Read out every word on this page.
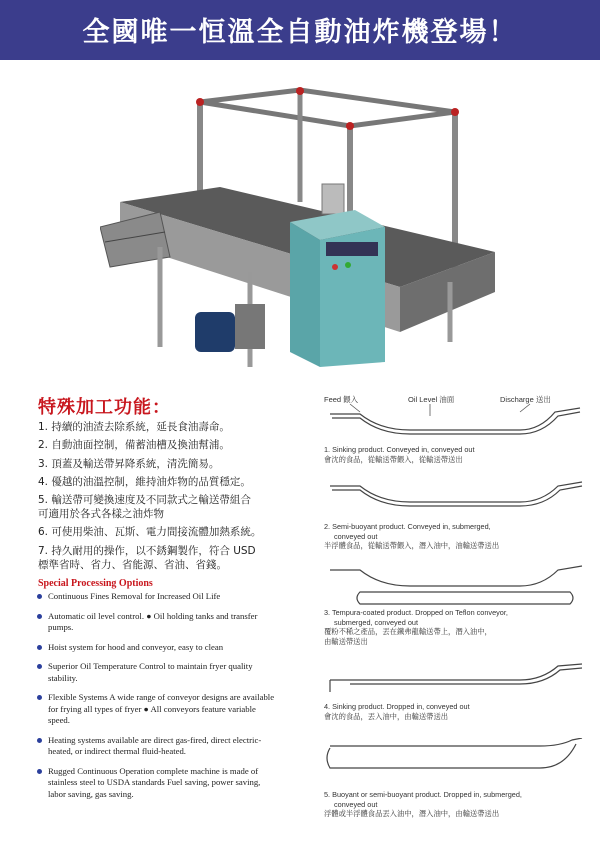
全國唯一恒溫全自動油炸機登場！
特殊加工功能：
1. 持續的油渣去除系統，延長食油壽命。
2. 自動油面控制，備蓄油槽及換油幫浦。
3. 頂蓋及輸送帶昇降系統，清洗簡易。
4. 優越的油溫控制，維持油炸物的品質穩定。
5. 輸送帶可變換速度及不同款式之輸送帶組合
可適用於各式各樣之油炸物
6. 可使用柴油、瓦斯、電力間接流體加熱系統。
7. 持久耐用的操作，以不銹鋼製作，符合 USD
標準省時、省力、省能源、省油、省錢。
Special Processing Options
Continuous Fines Removal for Increased Oil Life
Automatic oil level control. ● Oil holding tanks and transfer pumps.
Hoist system for hood and conveyor, easy to clean
Superior Oil Temperature Control to maintain fryer quality stability.
Flexible Systems A wide range of conveyor designs are available for frying all types of fryer ● All conveyors feature variable speed.
Heating systems available are direct gas-fired, direct electric-heated, or indirect thermal fluid-heated.
Rugged Continuous Operation complete machine is made of stainless steel to USDA standards Fuel saving, power saving, labor saving, gas saving.
Feed 餵入	Oil Level 油面	Discharge 送出
1. Sinking product. Conveyed in, conveyed out
會沈的食品，從輸送帶餵入，從輸送帶送出
2. Semi-buoyant product. Conveyed in, submerged,
conveyed out
半浮體食品，從輸送帶餵入，潛入油中，油輸送帶送出
3. Tempura-coated product. Dropped on Teflon conveyor,
submerged, conveyed out
覆粉不稀之產品，丟在鐵弗龍輸送帶上，潛入油中，
由輸送帶送出
4. Sinking product. Dropped in, conveyed out
會沈的食品，丟入油中，由輸送帶送出
5. Buoyant or semi-buoyant product. Dropped in, submerged,
conveyed out
浮體或半浮體食品丟入油中，潛入油中，由輸送帶送出
